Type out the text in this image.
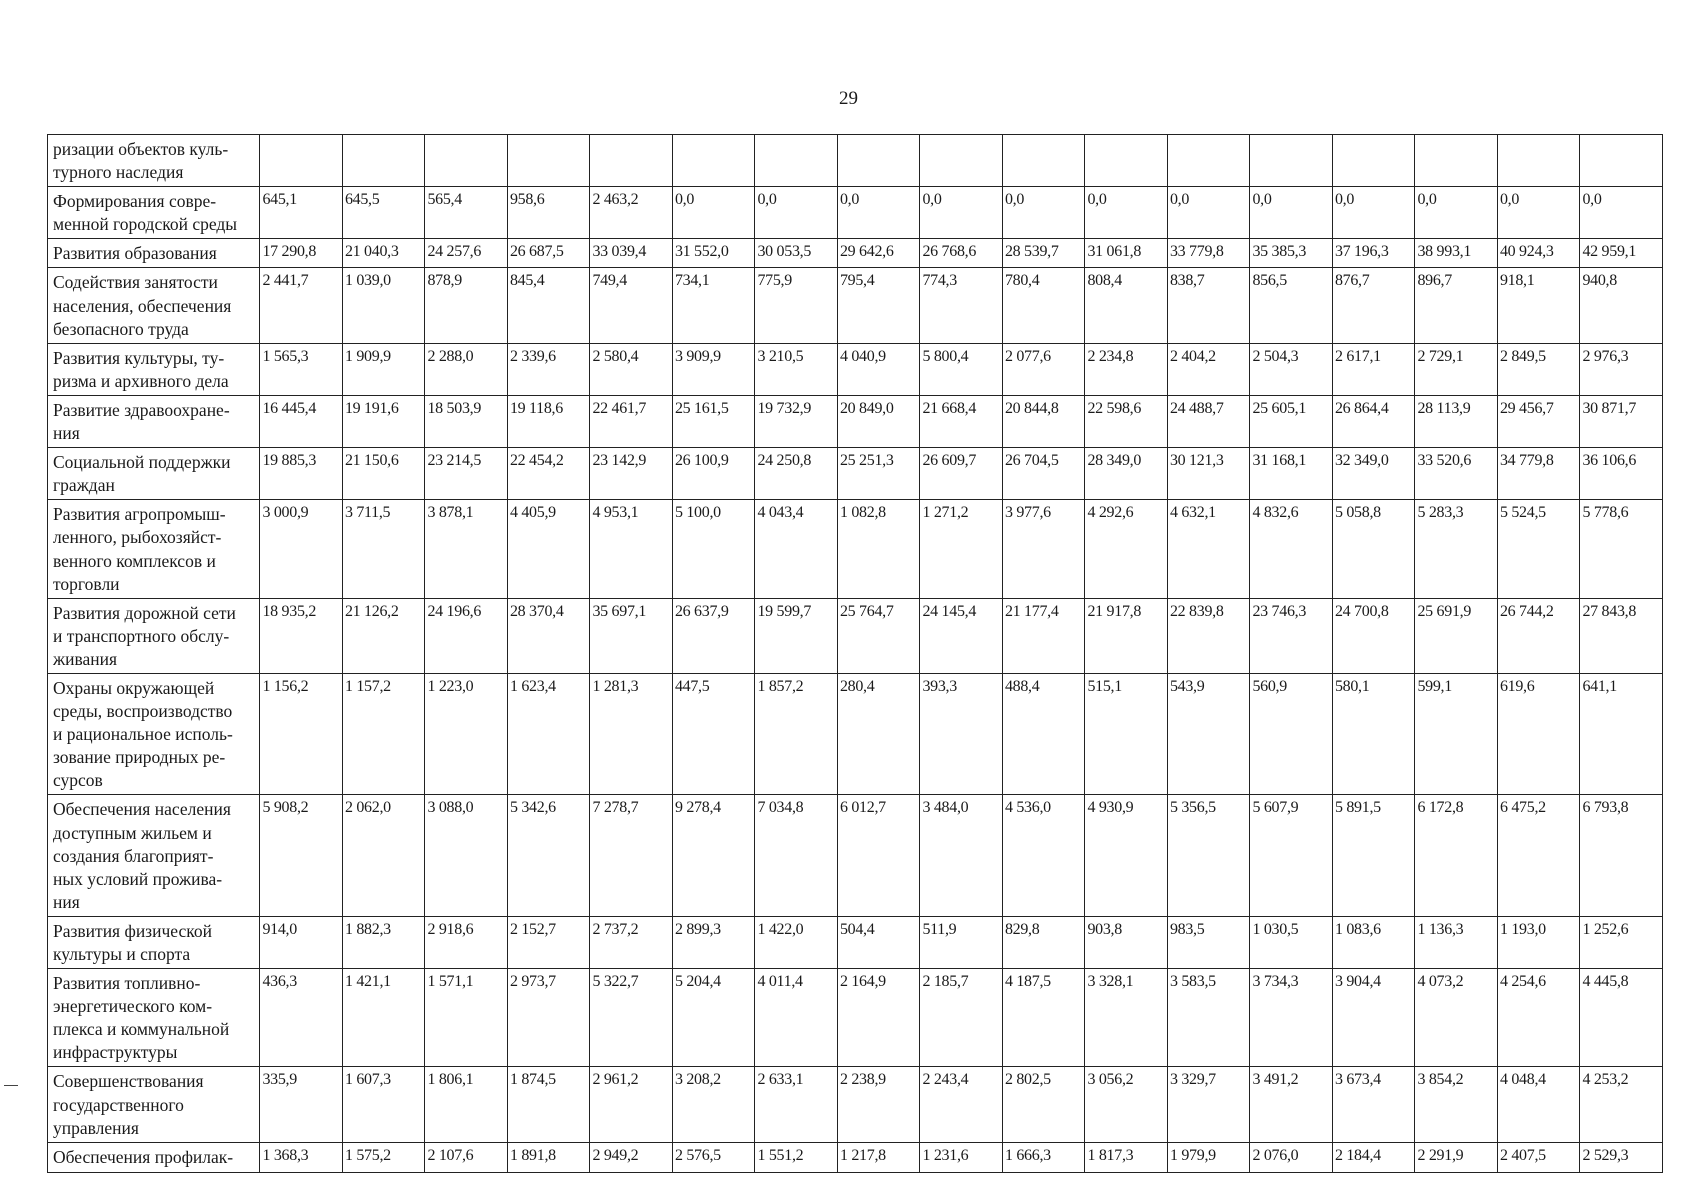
29
ризации объектов куль-
турного наследия																	
Формирования совре-
менной городской среды	645,1	645,5	565,4	958,6	2 463,2	0,0	0,0	0,0	0,0	0,0	0,0	0,0	0,0	0,0	0,0	0,0	0,0
Развития образования	17 290,8	21 040,3	24 257,6	26 687,5	33 039,4	31 552,0	30 053,5	29 642,6	26 768,6	28 539,7	31 061,8	33 779,8	35 385,3	37 196,3	38 993,1	40 924,3	42 959,1
Содействия занятости
населения, обеспечения
безопасного труда	2 441,7	1 039,0	878,9	845,4	749,4	734,1	775,9	795,4	774,3	780,4	808,4	838,7	856,5	876,7	896,7	918,1	940,8
Развития культуры, ту-
ризма и архивного дела	1 565,3	1 909,9	2 288,0	2 339,6	2 580,4	3 909,9	3 210,5	4 040,9	5 800,4	2 077,6	2 234,8	2 404,2	2 504,3	2 617,1	2 729,1	2 849,5	2 976,3
Развитие здравоохране-
ния	16 445,4	19 191,6	18 503,9	19 118,6	22 461,7	25 161,5	19 732,9	20 849,0	21 668,4	20 844,8	22 598,6	24 488,7	25 605,1	26 864,4	28 113,9	29 456,7	30 871,7
Социальной поддержки
граждан	19 885,3	21 150,6	23 214,5	22 454,2	23 142,9	26 100,9	24 250,8	25 251,3	26 609,7	26 704,5	28 349,0	30 121,3	31 168,1	32 349,0	33 520,6	34 779,8	36 106,6
Развития агропромыш-
ленного, рыбохозяйст-
венного комплексов и
торговли	3 000,9	3 711,5	3 878,1	4 405,9	4 953,1	5 100,0	4 043,4	1 082,8	1 271,2	3 977,6	4 292,6	4 632,1	4 832,6	5 058,8	5 283,3	5 524,5	5 778,6
Развития дорожной сети
и транспортного обслу-
живания	18 935,2	21 126,2	24 196,6	28 370,4	35 697,1	26 637,9	19 599,7	25 764,7	24 145,4	21 177,4	21 917,8	22 839,8	23 746,3	24 700,8	25 691,9	26 744,2	27 843,8
Охраны окружающей
среды, воспроизводство
и рациональное исполь-
зование природных ре-
сурсов	1 156,2	1 157,2	1 223,0	1 623,4	1 281,3	447,5	1 857,2	280,4	393,3	488,4	515,1	543,9	560,9	580,1	599,1	619,6	641,1
Обеспечения населения
доступным жильем и
создания благоприят-
ных условий прожива-
ния	5 908,2	2 062,0	3 088,0	5 342,6	7 278,7	9 278,4	7 034,8	6 012,7	3 484,0	4 536,0	4 930,9	5 356,5	5 607,9	5 891,5	6 172,8	6 475,2	6 793,8
Развития физической
культуры и спорта	914,0	1 882,3	2 918,6	2 152,7	2 737,2	2 899,3	1 422,0	504,4	511,9	829,8	903,8	983,5	1 030,5	1 083,6	1 136,3	1 193,0	1 252,6
Развития топливно-
энергетического ком-
плекса и коммунальной
инфраструктуры	436,3	1 421,1	1 571,1	2 973,7	5 322,7	5 204,4	4 011,4	2 164,9	2 185,7	4 187,5	3 328,1	3 583,5	3 734,3	3 904,4	4 073,2	4 254,6	4 445,8
Совершенствования
государственного
управления	335,9	1 607,3	1 806,1	1 874,5	2 961,2	3 208,2	2 633,1	2 238,9	2 243,4	2 802,5	3 056,2	3 329,7	3 491,2	3 673,4	3 854,2	4 048,4	4 253,2
Обеспечения профилак-	1 368,3	1 575,2	2 107,6	1 891,8	2 949,2	2 576,5	1 551,2	1 217,8	1 231,6	1 666,3	1 817,3	1 979,9	2 076,0	2 184,4	2 291,9	2 407,5	2 529,3
